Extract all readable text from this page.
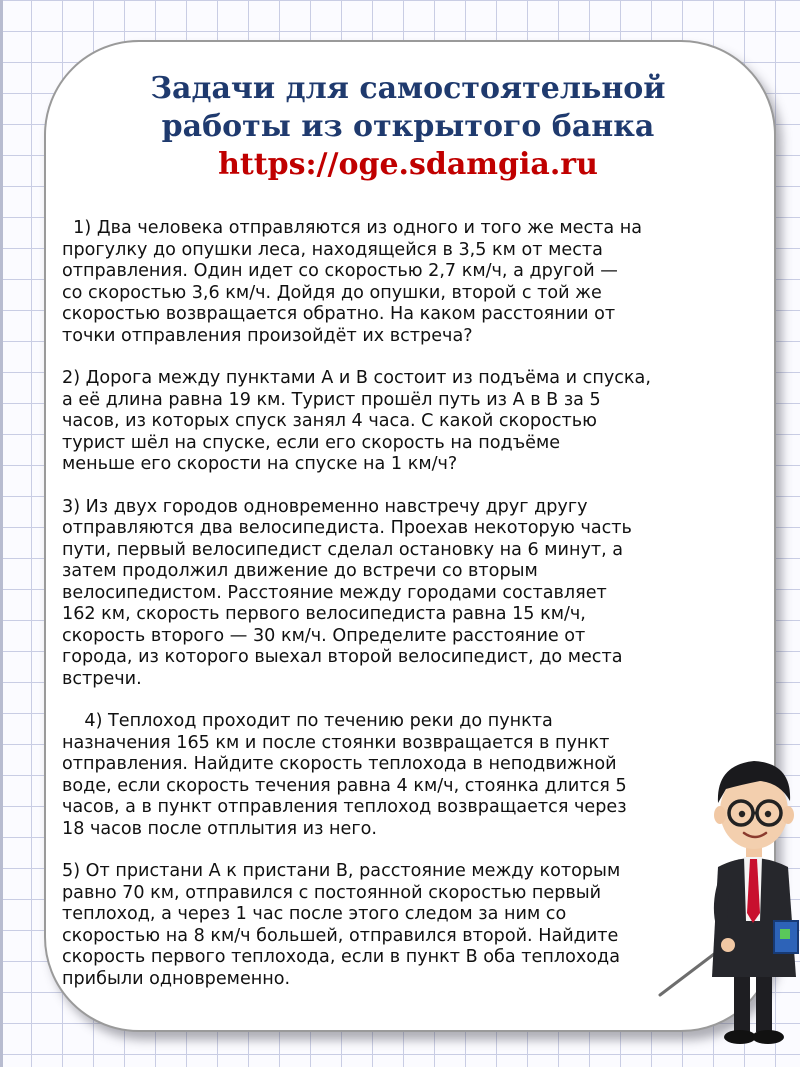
Задачи для самостоятельной
работы из открытого банка
https://oge.sdamgia.ru
1) Два человека отправляются из одного и того же места на
прогулку до опушки леса, находящейся в 3,5 км от места
отправления. Один идет со скоростью 2,7 км/ч, а другой —
со скоростью 3,6 км/ч. Дойдя до опушки, второй с той же
скоростью возвращается обратно. На каком расстоянии от
точки отправления произойдёт их встреча?
2) Дорога между пунктами A и B состоит из подъёма и спуска,
а её длина равна 19 км. Турист прошёл путь из A в B за 5
часов, из которых спуск занял 4 часа. С какой скоростью
турист шёл на спуске, если его скорость на подъёме
меньше его скорости на спуске на 1 км/ч?
3) Из двух городов одновременно навстречу друг другу
отправляются два велосипедиста. Проехав некоторую часть
пути, первый велосипедист сделал остановку на 6 минут, а
затем продолжил движение до встречи со вторым
велосипедистом. Расстояние между городами составляет
162 км, скорость первого велосипедиста равна 15 км/ч,
скорость второго — 30 км/ч. Определите расстояние от
города, из которого выехал второй велосипедист, до места
встречи.
4) Теплоход проходит по течению реки до пункта
назначения 165 км и после стоянки возвращается в пункт
отправления. Найдите скорость теплохода в неподвижной
воде, если скорость течения равна 4 км/ч, стоянка длится 5
часов, а в пункт отправления теплоход возвращается через
18 часов после отплытия из него.
5) От пристани A к пристани B, расстояние между которым
равно 70 км, отправился с постоянной скоростью первый
теплоход, а через 1 час после этого следом за ним со
скоростью на 8 км/ч большей, отправился второй. Найдите
скорость первого теплохода, если в пункт B оба теплохода
прибыли одновременно.
